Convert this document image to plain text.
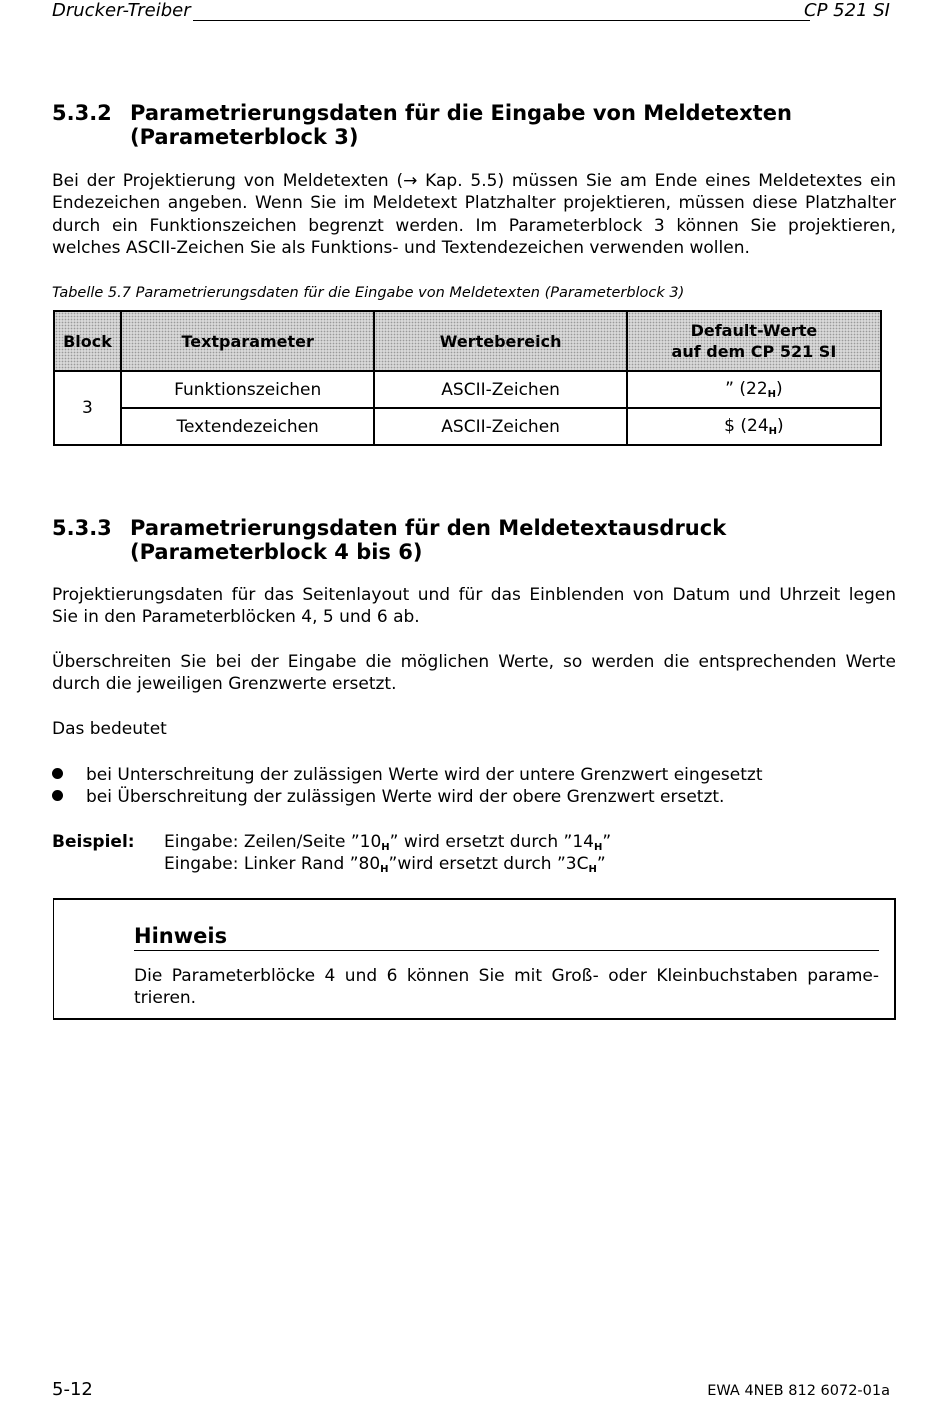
Drucker-Treiber	CP 521 SI
5.3.2 Parametrierungsdaten für die Eingabe von Meldetexten
(Parameterblock 3)

Bei der Projektierung von Meldetexten (→ Kap. 5.5) müssen Sie am Ende eines Meldetextes ein
Endezeichen angeben. Wenn Sie im Meldetext Platzhalter projektieren, müssen diese Platzhalter
durch ein Funktionszeichen begrenzt werden. Im Parameterblock 3 können Sie projektieren,
welches ASCII-Zeichen Sie als Funktions- und Textendezeichen verwenden wollen.

Tabelle 5.7 Parametrierungsdaten für die Eingabe von Meldetexten (Parameterblock 3)
Block	Textparameter	Wertebereich	Default-Werte
auf dem CP 521 SI

3	Funktionszeichen	ASCII-Zeichen	” $(22_H)$
	Textendezeichen	ASCII-Zeichen	$ $(24_H)$
5.3.3 Parametrierungsdaten für den Meldetextausdruck
(Parameterblock 4 bis 6)

Projektierungsdaten für das Seitenlayout und für das Einblenden von Datum und Uhrzeit legen
Sie in den Parameterblöcken 4, 5 und 6 ab.

Überschreiten Sie bei der Eingabe die möglichen Werte, so werden die entsprechenden Werte
durch die jeweiligen Grenzwerte ersetzt.

Das bedeutet

bei Unterschreitung der zulässigen Werte wird der untere Grenzwert eingesetzt
bei Überschreitung der zulässigen Werte wird der obere Grenzwert ersetzt.
Beispiel: Eingabe: Zeilen/Seite $”10_H$” wird ersetzt durch $”14_H$”
Eingabe: Linker Rand $”80_H”wird$ ersetzt durch $”3C_H$”
Hinweis
Die Parameterblöcke 4 und 6 können Sie mit Groß- oder Kleinbuchstaben parame-
trieren.
5-12	EWA 4NEB 812 6072-01a
